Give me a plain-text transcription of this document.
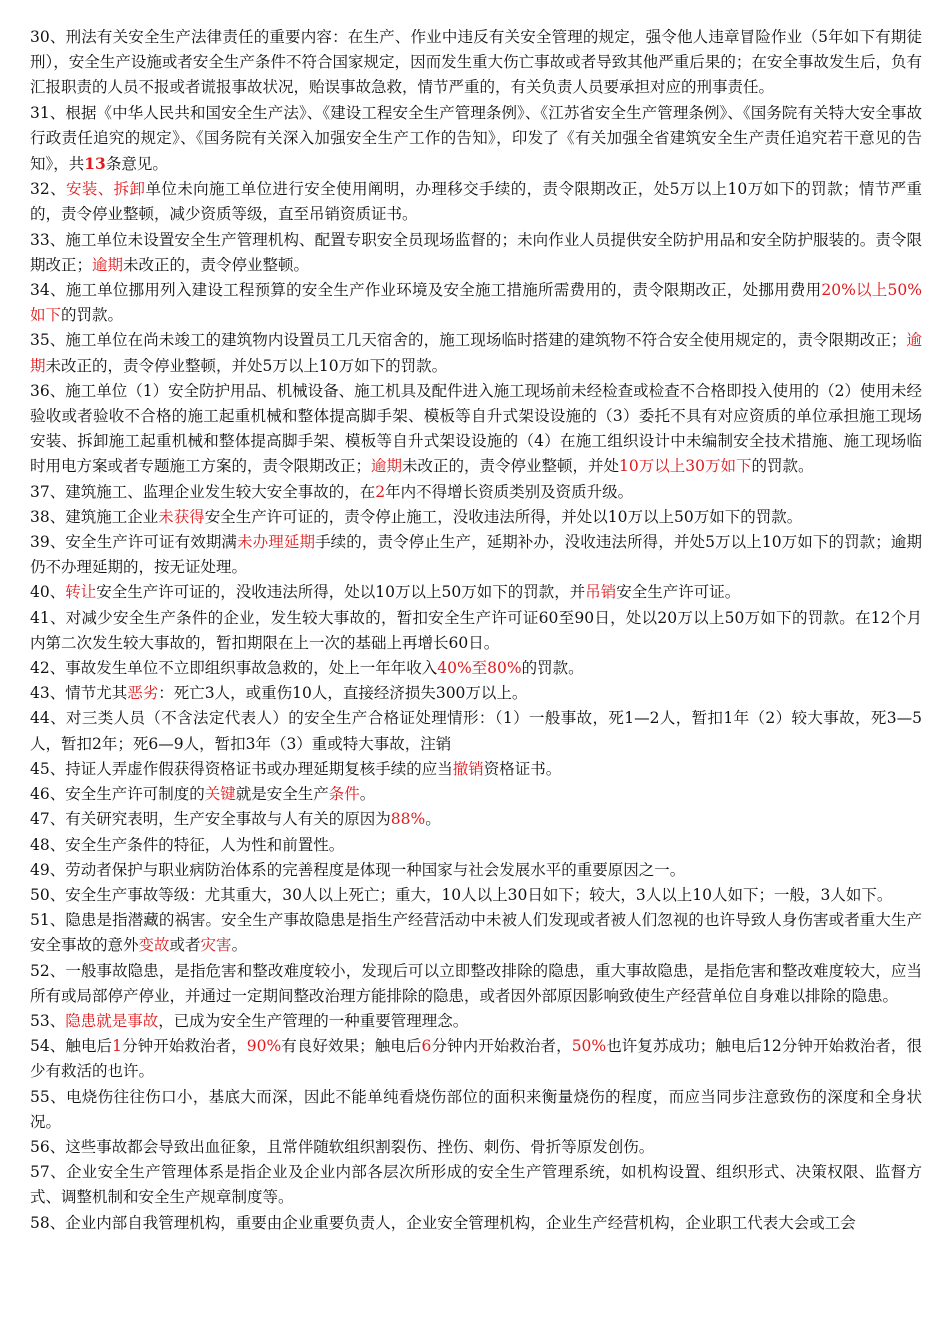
30、刑法有关安全生产法律责任的重要内容：在生产、作业中违反有关安全管理的规定，强令他人违章冒险作业（5年如下有期徒刑），安全生产设施或者安全生产条件不符合国家规定，因而发生重大伤亡事故或者导致其他严重后果的；在安全事故发生后，负有汇报职责的人员不报或者谎报事故状况，贻误事故急救，情节严重的，有关负责人员要承担对应的刑事责任。

31、根据《中华人民共和国安全生产法》、《建设工程安全生产管理条例》、《江苏省安全生产管理条例》、《国务院有关特大安全事故行政责任追究的规定》、《国务院有关深入加强安全生产工作的告知》，印发了《有关加强全省建筑安全生产责任追究若干意见的告知》，共13条意见。

32、安装、拆卸单位未向施工单位进行安全使用阐明，办理移交手续的，责令限期改正，处5万以上10万如下的罚款；情节严重的，责令停业整顿，减少资质等级，直至吊销资质证书。

33、施工单位未设置安全生产管理机构、配置专职安全员现场监督的；未向作业人员提供安全防护用品和安全防护服装的。责令限期改正；逾期未改正的，责令停业整顿。

34、施工单位挪用列入建设工程预算的安全生产作业环境及安全施工措施所需费用的，责令限期改正，处挪用费用20%以上50%如下的罚款。

35、施工单位在尚未竣工的建筑物内设置员工几天宿舍的，施工现场临时搭建的建筑物不符合安全使用规定的，责令限期改正；逾期未改正的，责令停业整顿，并处5万以上10万如下的罚款。

36、施工单位（1）安全防护用品、机械设备、施工机具及配件进入施工现场前未经检查或检查不合格即投入使用的（2）使用未经验收或者验收不合格的施工起重机械和整体提高脚手架、模板等自升式架设设施的（3）委托不具有对应资质的单位承担施工现场安装、拆卸施工起重机械和整体提高脚手架、模板等自升式架设设施的（4）在施工组织设计中未编制安全技术措施、施工现场临时用电方案或者专题施工方案的，责令限期改正；逾期未改正的，责令停业整顿，并处10万以上30万如下的罚款。

37、建筑施工、监理企业发生较大安全事故的，在2年内不得增长资质类别及资质升级。

38、建筑施工企业未获得安全生产许可证的，责令停止施工，没收违法所得，并处以10万以上50万如下的罚款。

39、安全生产许可证有效期满未办理延期手续的，责令停止生产，延期补办，没收违法所得，并处5万以上10万如下的罚款；逾期仍不办理延期的，按无证处理。

40、转让安全生产许可证的，没收违法所得，处以10万以上50万如下的罚款，并吊销安全生产许可证。

41、对减少安全生产条件的企业，发生较大事故的，暂扣安全生产许可证60至90日，处以20万以上50万如下的罚款。在12个月内第二次发生较大事故的，暂扣期限在上一次的基础上再增长60日。

42、事故发生单位不立即组织事故急救的，处上一年年收入40%至80%的罚款。

43、情节尤其恶劣：死亡3人，或重伤10人，直接经济损失300万以上。

44、对三类人员（不含法定代表人）的安全生产合格证处理情形：（1）一般事故，死1—2人，暂扣1年（2）较大事故，死3—5人，暂扣2年；死6—9人，暂扣3年（3）重或特大事故，注销

45、持证人弄虚作假获得资格证书或办理延期复核手续的应当撤销资格证书。

46、安全生产许可制度的关键就是安全生产条件。

47、有关研究表明，生产安全事故与人有关的原因为88%。

48、安全生产条件的特征，人为性和前置性。

49、劳动者保护与职业病防治体系的完善程度是体现一种国家与社会发展水平的重要原因之一。

50、安全生产事故等级：尤其重大，30人以上死亡；重大，10人以上30日如下；较大，3人以上10人如下；一般，3人如下。

51、隐患是指潜藏的祸害。安全生产事故隐患是指生产经营活动中未被人们发现或者被人们忽视的也许导致人身伤害或者重大生产安全事故的意外变故或者灾害。

52、一般事故隐患，是指危害和整改难度较小，发现后可以立即整改排除的隐患，重大事故隐患，是指危害和整改难度较大，应当所有或局部停产停业，并通过一定期间整改治理方能排除的隐患，或者因外部原因影响致使生产经营单位自身难以排除的隐患。

53、隐患就是事故，已成为安全生产管理的一种重要管理理念。

54、触电后1分钟开始救治者，90%有良好效果；触电后6分钟内开始救治者，50%也许复苏成功；触电后12分钟开始救治者，很少有救活的也许。

55、电烧伤往往伤口小，基底大而深，因此不能单纯看烧伤部位的面积来衡量烧伤的程度，而应当同步注意致伤的深度和全身状况。

56、这些事故都会导致出血征象，且常伴随软组织割裂伤、挫伤、刺伤、骨折等原发创伤。

57、企业安全生产管理体系是指企业及企业内部各层次所形成的安全生产管理系统，如机构设置、组织形式、决策权限、监督方式、调整机制和安全生产规章制度等。

58、企业内部自我管理机构，重要由企业重要负责人，企业安全管理机构，企业生产经营机构，企业职工代表大会或工会
